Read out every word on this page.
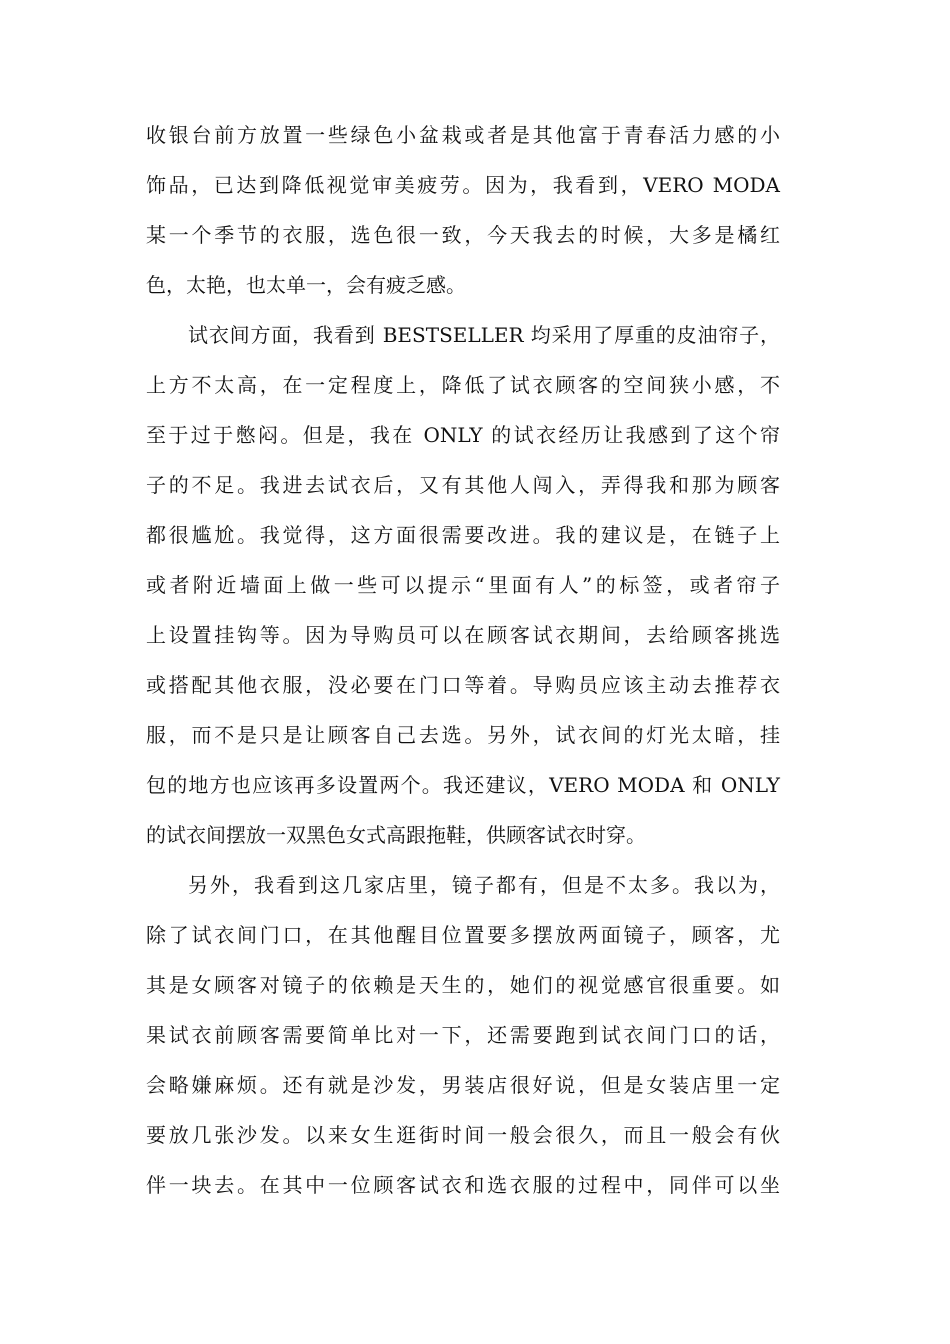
收银台前方放置一些绿色小盆栽或者是其他富于青春活力感的小
饰品，已达到降低视觉审美疲劳。因为，我看到，VERO MODA
某一个季节的衣服，选色很一致，今天我去的时候，大多是橘红
色，太艳，也太单一，会有疲乏感。

试衣间方面，我看到 BESTSELLER 均采用了厚重的皮油帘子，
上方不太高，在一定程度上，降低了试衣顾客的空间狭小感，不
至于过于憋闷。但是，我在 ONLY 的试衣经历让我感到了这个帘
子的不足。我进去试衣后，又有其他人闯入，弄得我和那为顾客
都很尴尬。我觉得，这方面很需要改进。我的建议是，在链子上
或者附近墙面上做一些可以提示“里面有人”的标签，或者帘子
上设置挂钩等。因为导购员可以在顾客试衣期间，去给顾客挑选
或搭配其他衣服，没必要在门口等着。导购员应该主动去推荐衣
服，而不是只是让顾客自己去选。另外，试衣间的灯光太暗，挂
包的地方也应该再多设置两个。我还建议，VERO MODA 和 ONLY
的试衣间摆放一双黑色女式高跟拖鞋，供顾客试衣时穿。

另外，我看到这几家店里，镜子都有，但是不太多。我以为，
除了试衣间门口，在其他醒目位置要多摆放两面镜子，顾客，尤
其是女顾客对镜子的依赖是天生的，她们的视觉感官很重要。如
果试衣前顾客需要简单比对一下，还需要跑到试衣间门口的话，
会略嫌麻烦。还有就是沙发，男装店很好说，但是女装店里一定
要放几张沙发。以来女生逛街时间一般会很久，而且一般会有伙
伴一块去。在其中一位顾客试衣和选衣服的过程中，同伴可以坐
